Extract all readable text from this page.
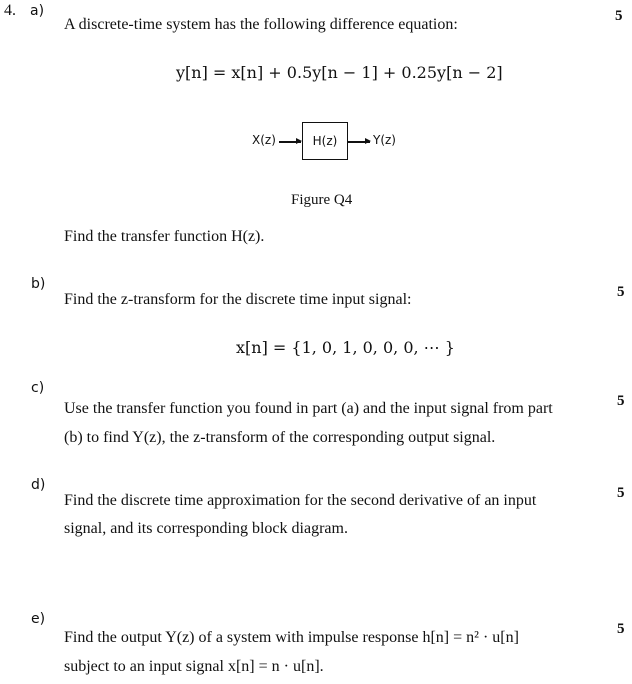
4. a)	5
A discrete-time system has the following difference equation:
y[n] = x[n] + 0.5y[n − 1] + 0.25y[n − 2]
X(z)	H(z)	Y(z)
Figure Q4
Find the transfer function H(z).
b)	5
Find the z-transform for the discrete time input signal:
x[n] = {1, 0, 1, 0, 0, 0, ⋯ }
c)
5
Use the transfer function you found in part (a) and the input signal from part
(b) to find Y(z), the z-transform of the corresponding output signal.
d)	5
Find the discrete time approximation for the second derivative of an input
signal, and its corresponding block diagram.
e)
5
Find the output Y(z) of a system with impulse response h[n] = n² · u[n]
subject to an input signal x[n] = n · u[n].
